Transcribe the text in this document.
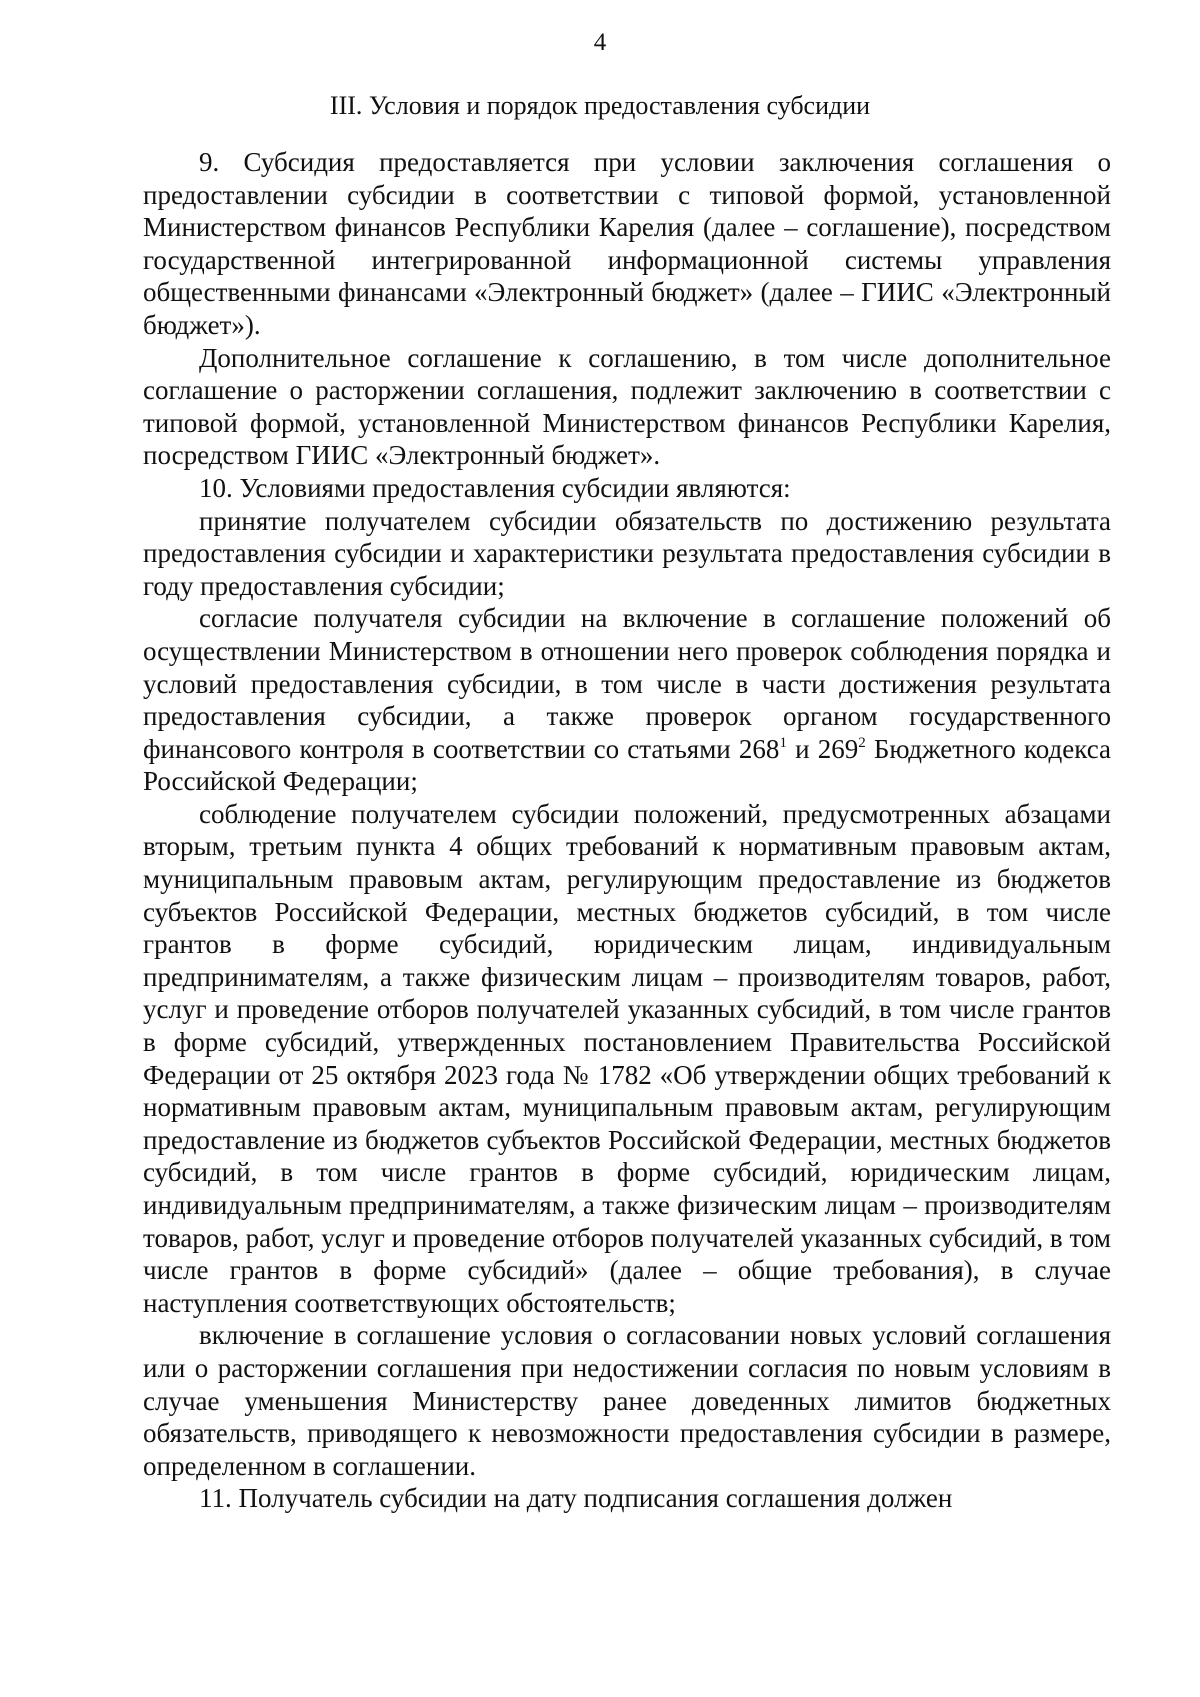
4
III. Условия и порядок предоставления субсидии

9. Субсидия предоставляется при условии заключения соглашения о предоставлении субсидии в соответствии с типовой формой, установленной Министерством финансов Республики Карелия (далее – соглашение), посредством государственной интегрированной информационной системы управления общественными финансами «Электронный бюджет» (далее – ГИИС «Электронный бюджет»).

Дополнительное соглашение к соглашению, в том числе дополнительное соглашение о расторжении соглашения, подлежит заключению в соответствии с типовой формой, установленной Министерством финансов Республики Карелия, посредством ГИИС «Электронный бюджет».

10. Условиями предоставления субсидии являются:

принятие получателем субсидии обязательств по достижению результата предоставления субсидии и характеристики результата предоставления субсидии в году предоставления субсидии;

согласие получателя субсидии на включение в соглашение положений об осуществлении Министерством в отношении него проверок соблюдения порядка и условий предоставления субсидии, в том числе в части достижения результата предоставления субсидии, а также проверок органом государственного финансового контроля в соответствии со статьями $268^1$ и $269^2$ Бюджетного кодекса Российской Федерации;

соблюдение получателем субсидии положений, предусмотренных абзацами вторым, третьим пункта 4 общих требований к нормативным правовым актам, муниципальным правовым актам, регулирующим предоставление из бюджетов субъектов Российской Федерации, местных бюджетов субсидий, в том числе грантов в форме субсидий, юридическим лицам, индивидуальным предпринимателям, а также физическим лицам – производителям товаров, работ, услуг и проведение отборов получателей указанных субсидий, в том числе грантов в форме субсидий, утвержденных постановлением Правительства Российской Федерации от 25 октября 2023 года № 1782 «Об утверждении общих требований к нормативным правовым актам, муниципальным правовым актам, регулирующим предоставление из бюджетов субъектов Российской Федерации, местных бюджетов субсидий, в том числе грантов в форме субсидий, юридическим лицам, индивидуальным предпринимателям, а также физическим лицам – производителям товаров, работ, услуг и проведение отборов получателей указанных субсидий, в том числе грантов в форме субсидий» (далее – общие требования), в случае наступления соответствующих обстоятельств;

включение в соглашение условия о согласовании новых условий соглашения или о расторжении соглашения при недостижении согласия по новым условиям в случае уменьшения Министерству ранее доведенных лимитов бюджетных обязательств, приводящего к невозможности предоставления субсидии в размере, определенном в соглашении.

11. Получатель субсидии на дату подписания соглашения должен
